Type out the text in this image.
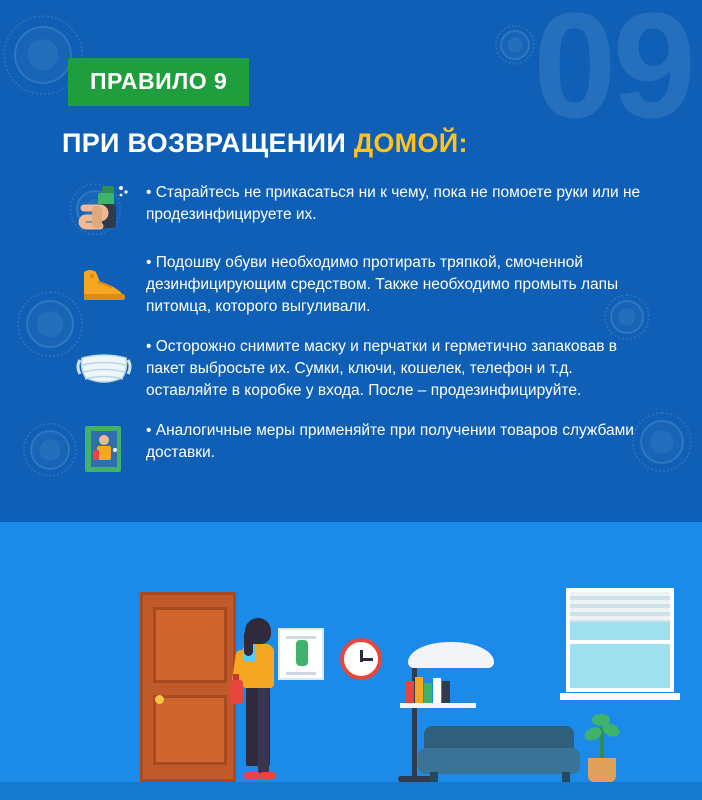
09
ПРАВИЛО 9
ПРИ ВОЗВРАЩЕНИИ ДОМОЙ:
• Старайтесь не прикасаться ни к чему, пока не помоете руки или не продезинфицируете их.
• Подошву обуви необходимо протирать тряпкой, смоченной дезинфицирующим средством. Также необходимо промыть лапы питомца, которого выгуливали.
• Осторожно снимите маску и перчатки и герметично запаковав в пакет выбросьте их. Сумки, ключи, кошелек, телефон и т.д. оставляйте в коробке у входа. После – продезинфицируйте.
• Аналогичные меры применяйте при получении товаров службами доставки.
